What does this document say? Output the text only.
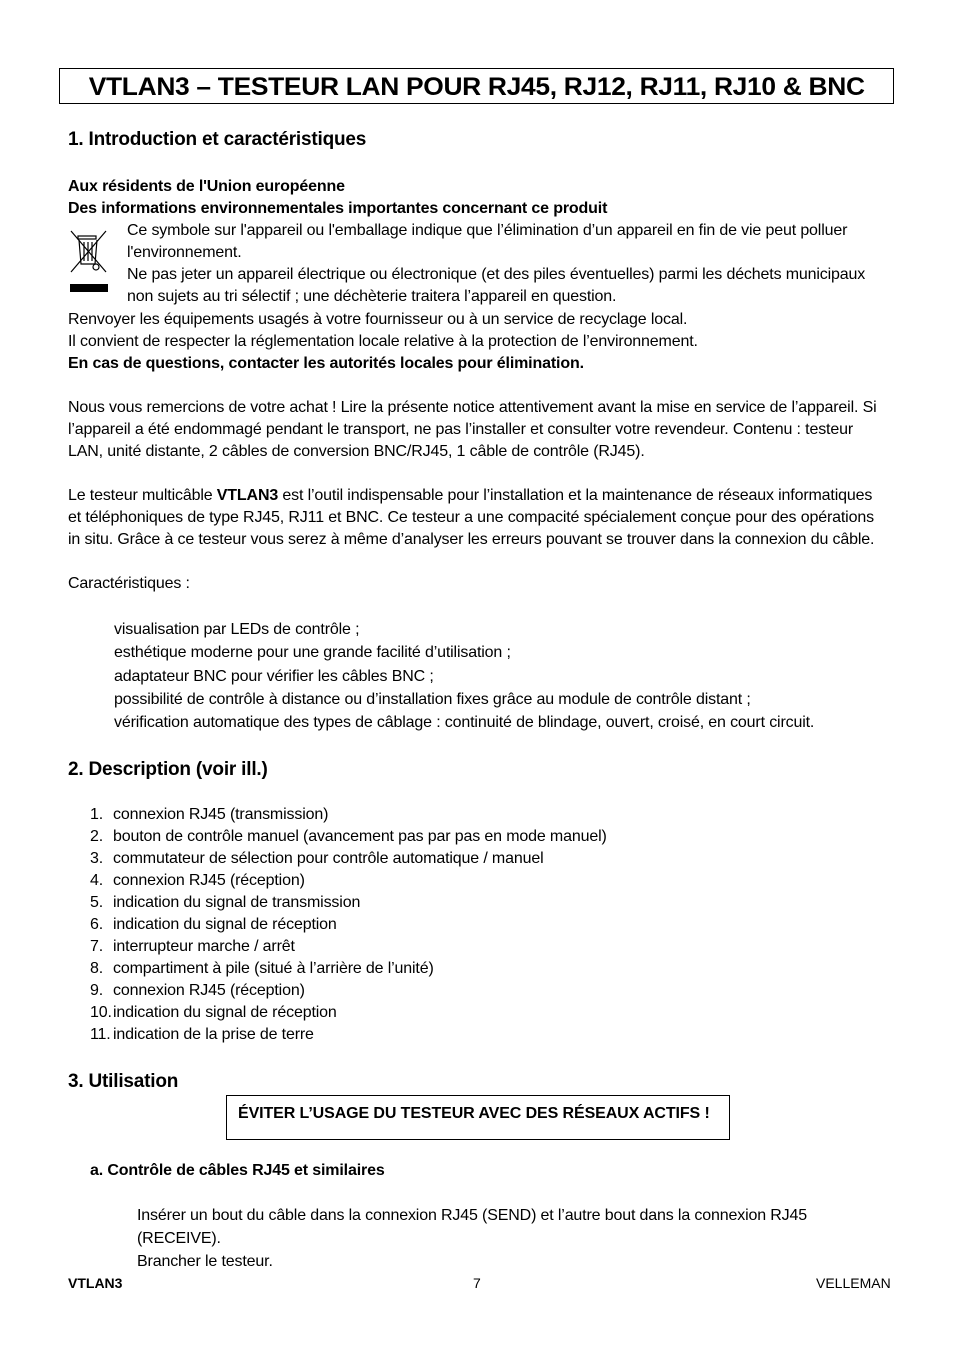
VTLAN3 – TESTEUR LAN POUR RJ45, RJ12, RJ11, RJ10 & BNC
1. Introduction et caractéristiques
Aux résidents de l'Union européenne
Des informations environnementales importantes concernant ce produit
Ce symbole sur l'appareil ou l'emballage indique que l’élimination d’un appareil en fin de vie peut polluer
l'environnement.
Ne pas jeter un appareil électrique ou électronique (et des piles éventuelles) parmi les déchets municipaux
non sujets au tri sélectif ; une déchèterie traitera l’appareil en question.
Renvoyer les équipements usagés à votre fournisseur ou à un service de recyclage local.
Il convient de respecter la réglementation locale relative à la protection de l’environnement.
En cas de questions, contacter les autorités locales pour élimination.
Nous vous remercions de votre achat ! Lire la présente notice attentivement avant la mise en service de l’appareil. Si l’appareil a été endommagé pendant le transport, ne pas l’installer et consulter votre revendeur. Contenu : testeur LAN, unité distante, 2 câbles de conversion BNC/RJ45, 1 câble de contrôle (RJ45).
Le testeur multicâble VTLAN3 est l’outil indispensable pour l’installation et la maintenance de réseaux informatiques et téléphoniques de type RJ45, RJ11 et BNC. Ce testeur a une compacité spécialement conçue pour des opérations in situ. Grâce à ce testeur vous serez à même d’analyser les erreurs pouvant se trouver dans la connexion du câble.
Caractéristiques :
visualisation par LEDs de contrôle ;
esthétique moderne pour une grande facilité d’utilisation ;
adaptateur BNC pour vérifier les câbles BNC ;
possibilité de contrôle à distance ou d’installation fixes grâce au module de contrôle distant ;
vérification automatique des types de câblage : continuité de blindage, ouvert, croisé, en court circuit.
2. Description (voir ill.)
1. connexion RJ45 (transmission)
2. bouton de contrôle manuel (avancement pas par pas en mode manuel)
3. commutateur de sélection pour contrôle automatique / manuel
4. connexion RJ45 (réception)
5. indication du signal de transmission
6. indication du signal de réception
7. interrupteur marche / arrêt
8. compartiment à pile (situé à l’arrière de l’unité)
9. connexion RJ45 (réception)
10.indication du signal de réception
11. indication de la prise de terre
3. Utilisation
ÉVITER L’USAGE DU TESTEUR AVEC DES RÉSEAUX ACTIFS !
a. Contrôle de câbles RJ45 et similaires
Insérer un bout du câble dans la connexion RJ45 (SEND) et l’autre bout dans la connexion RJ45
(RECEIVE).
Brancher le testeur.
VTLAN3	7	VELLEMAN
